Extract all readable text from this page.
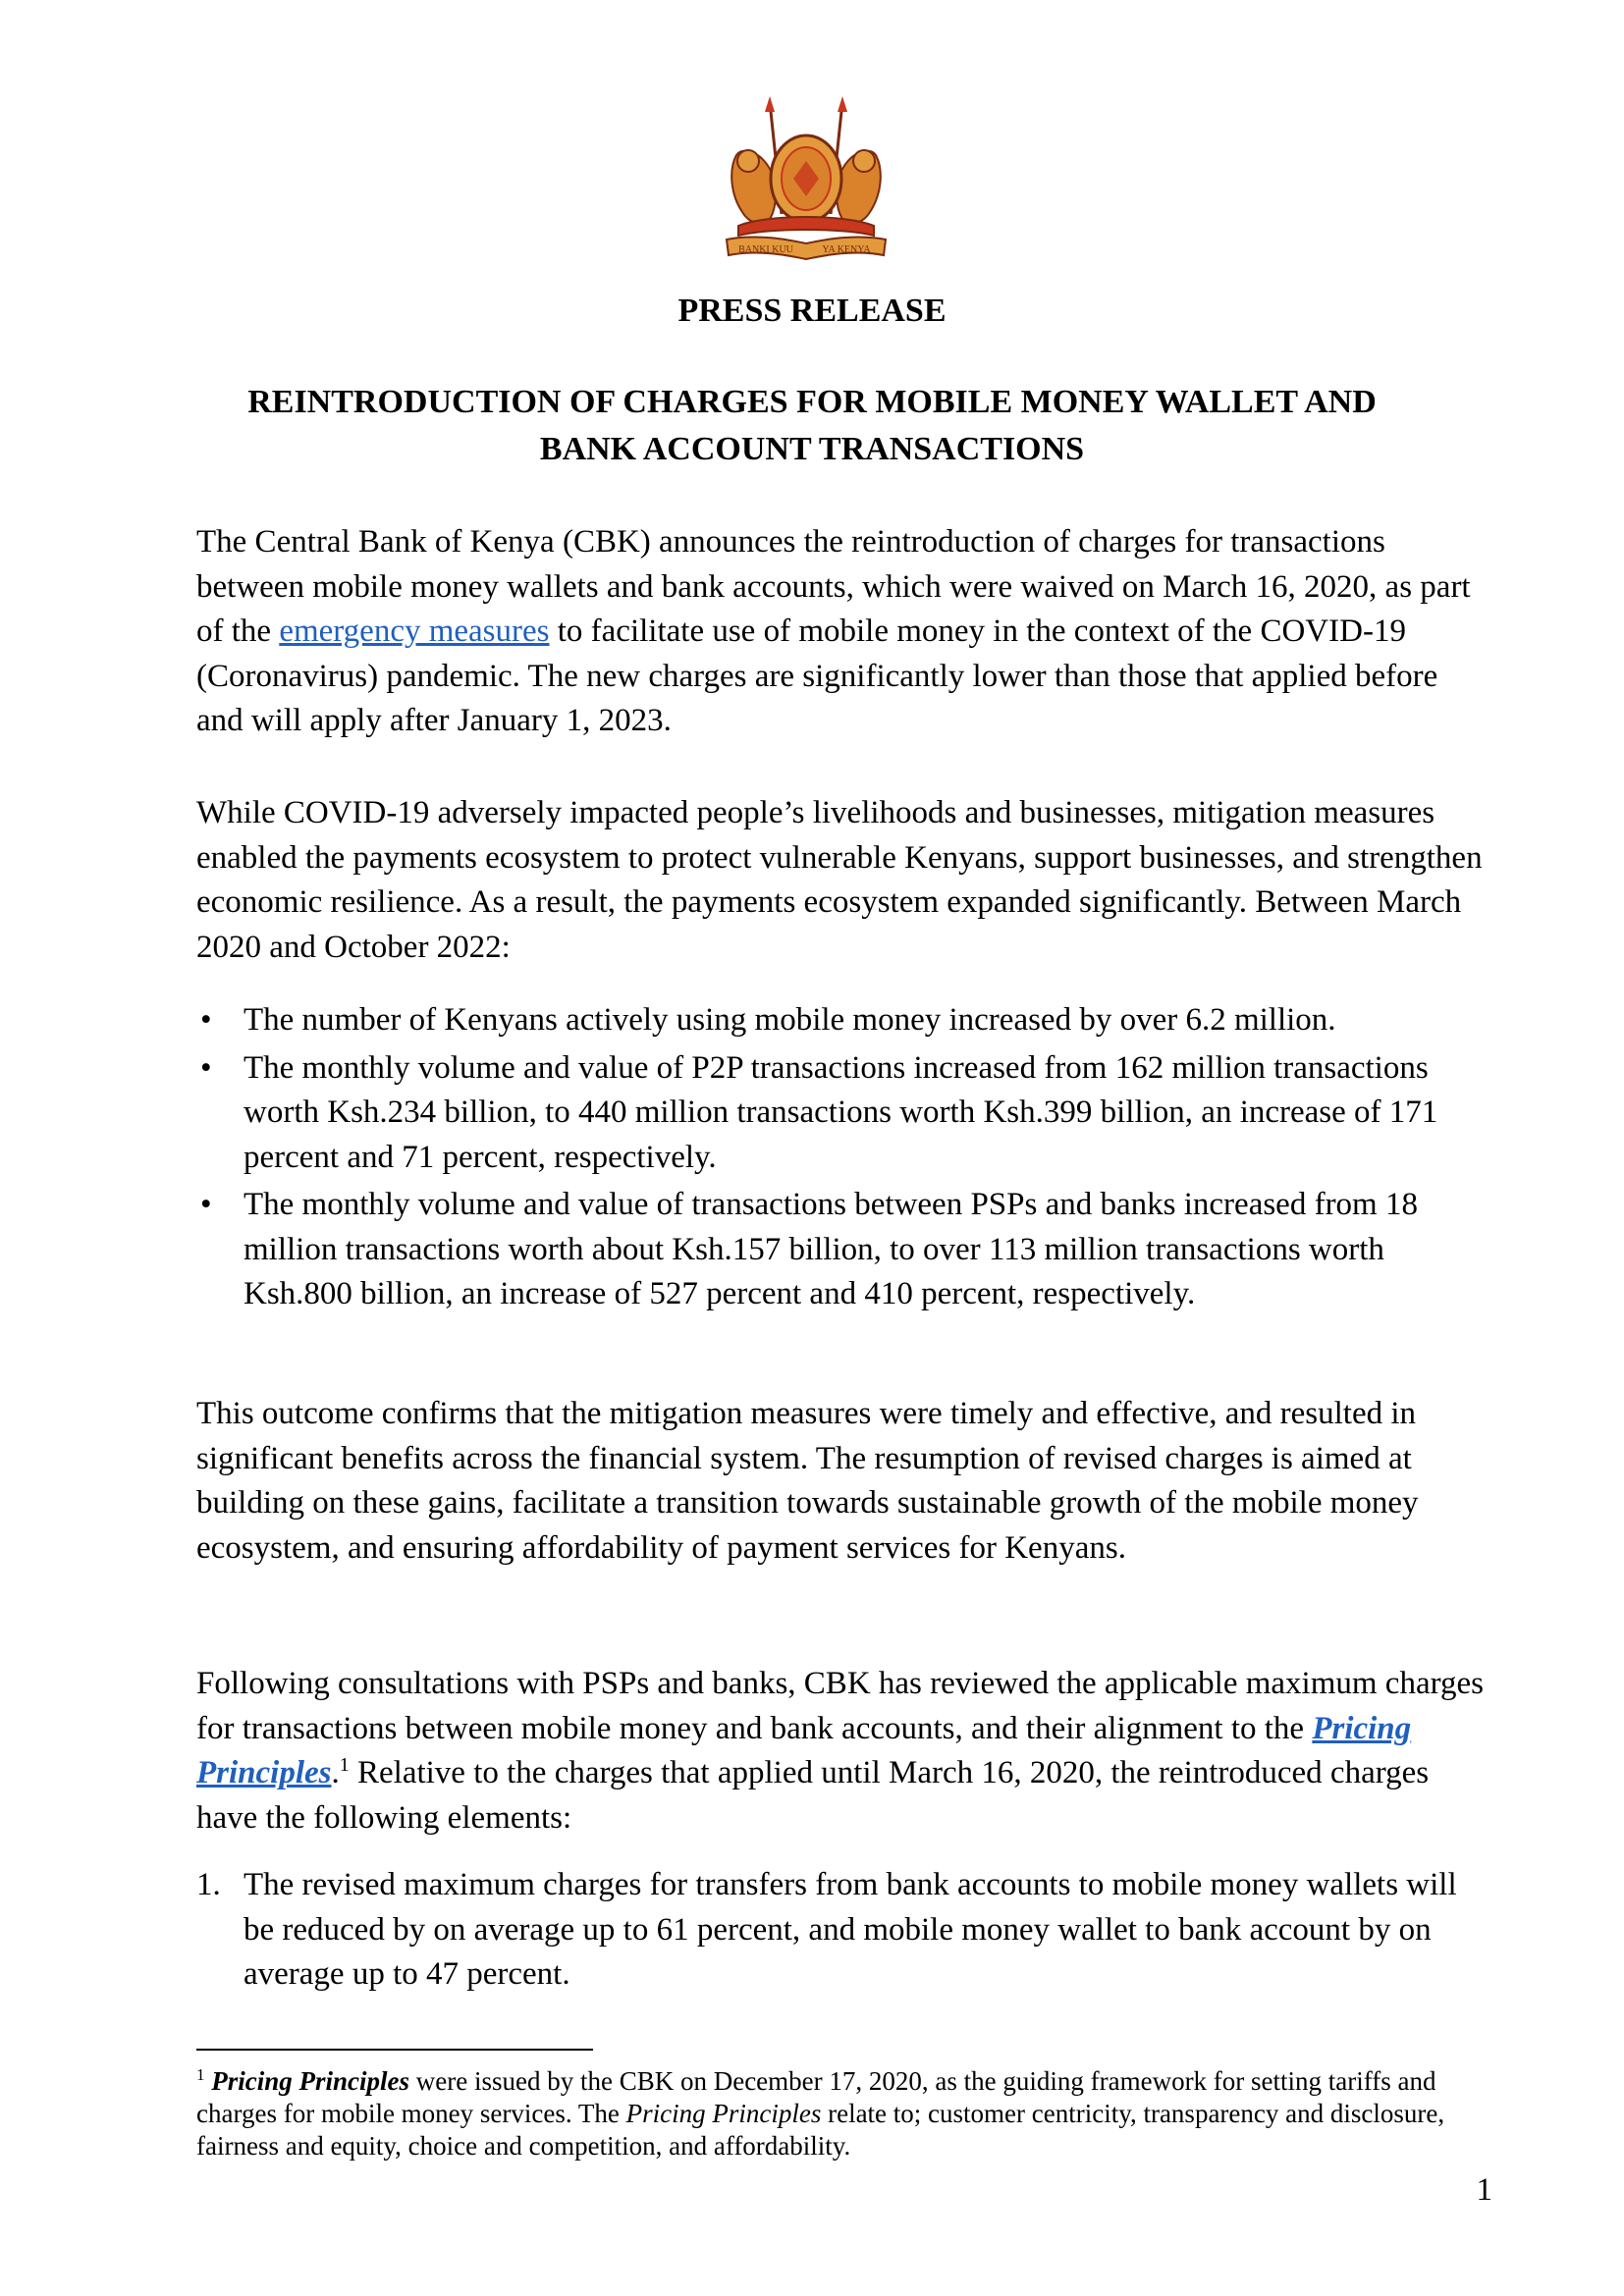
BANKI KUU	YA KENYA
PRESS RELEASE
REINTRODUCTION OF CHARGES FOR MOBILE MONEY WALLET AND
BANK ACCOUNT TRANSACTIONS

The Central Bank of Kenya (CBK) announces the reintroduction of charges for transactions between mobile money wallets and bank accounts, which were waived on March 16, 2020, as part of the emergency measures to facilitate use of mobile money in the context of the COVID-19 (Coronavirus) pandemic. The new charges are significantly lower than those that applied before and will apply after January 1, 2023.

While COVID-19 adversely impacted people’s livelihoods and businesses, mitigation measures enabled the payments ecosystem to protect vulnerable Kenyans, support businesses, and strengthen economic resilience. As a result, the payments ecosystem expanded significantly. Between March 2020 and October 2022:

• The number of Kenyans actively using mobile money increased by over 6.2 million.
• The monthly volume and value of P2P transactions increased from 162 million transactions worth Ksh.234 billion, to 440 million transactions worth Ksh.399 billion, an increase of 171 percent and 71 percent, respectively.
• The monthly volume and value of transactions between PSPs and banks increased from 18 million transactions worth about Ksh.157 billion, to over 113 million transactions worth Ksh.800 billion, an increase of 527 percent and 410 percent, respectively.

This outcome confirms that the mitigation measures were timely and effective, and resulted in significant benefits across the financial system. The resumption of revised charges is aimed at building on these gains, facilitate a transition towards sustainable growth of the mobile money ecosystem, and ensuring affordability of payment services for Kenyans.

Following consultations with PSPs and banks, CBK has reviewed the applicable maximum charges for transactions between mobile money and bank accounts, and their alignment to the Pricing Principles.$^1$ Relative to the charges that applied until March 16, 2020, the reintroduced charges have the following elements:

1. The revised maximum charges for transfers from bank accounts to mobile money wallets will be reduced by on average up to 61 percent, and mobile money wallet to bank account by on average up to 47 percent.

$^1$ Pricing Principles were issued by the CBK on December 17, 2020, as the guiding framework for setting tariffs and charges for mobile money services. The Pricing Principles relate to; customer centricity, transparency and disclosure, fairness and equity, choice and competition, and affordability.

1
